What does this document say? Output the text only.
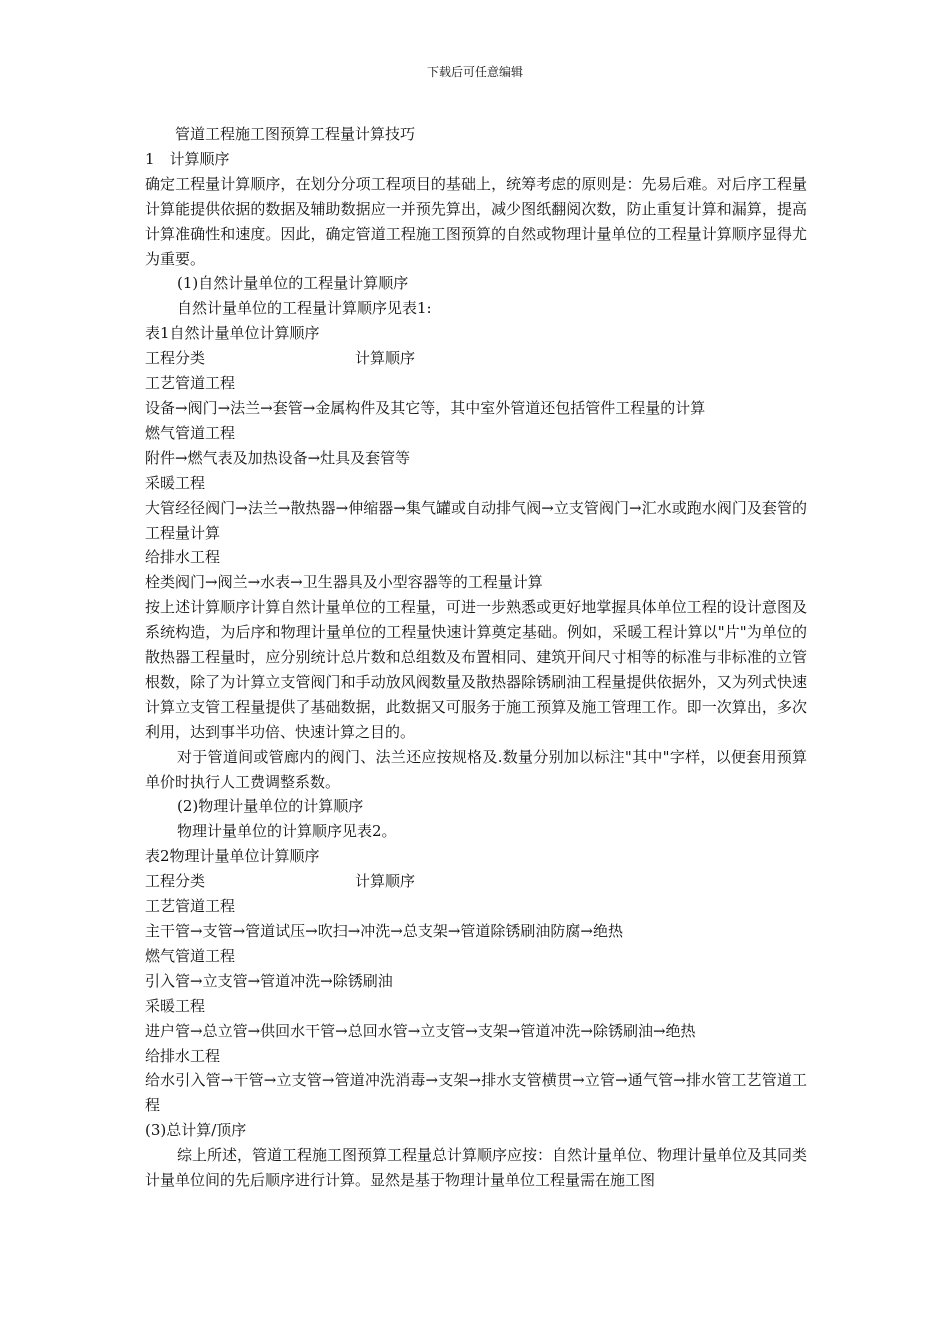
下载后可任意编辑

管道工程施工图预算工程量计算技巧

1　计算顺序

确定工程量计算顺序，在划分分项工程项目的基础上，统筹考虑的原则是：先易后难。对后序工程量计算能提供依据的数据及辅助数据应一并预先算出，减少图纸翻阅次数，防止重复计算和漏算，提高计算准确性和速度。因此，确定管道工程施工图预算的自然或物理计量单位的工程量计算顺序显得尤为重要。

(1)自然计量单位的工程量计算顺序

自然计量单位的工程量计算顺序见表1:

表1自然计量单位计算顺序

工程分类	计算顺序

工艺管道工程

设备→阀门→法兰→套管→金属构件及其它等，其中室外管道还包括管件工程量的计算

燃气管道工程

附件→燃气表及加热设备→灶具及套管等

采暖工程

大管经径阀门→法兰→散热器→伸缩器→集气罐或自动排气阀→立支管阀门→汇水或跑水阀门及套管的工程量计算

给排水工程

栓类阀门→阀兰→水表→卫生器具及小型容器等的工程量计算

按上述计算顺序计算自然计量单位的工程量，可进一步熟悉或更好地掌握具体单位工程的设计意图及系统构造，为后序和物理计量单位的工程量快速计算奠定基础。例如，采暖工程计算以"片"为单位的散热器工程量时，应分别统计总片数和总组数及布置相同、建筑开间尺寸相等的标准与非标准的立管根数，除了为计算立支管阀门和手动放风阀数量及散热器除锈刷油工程量提供依据外，又为列式快速计算立支管工程量提供了基础数据，此数据又可服务于施工预算及施工管理工作。即一次算出，多次利用，达到事半功倍、快速计算之目的。

对于管道间或管廊内的阀门、法兰还应按规格及.数量分别加以标注"其中"字样，以便套用预算单价时执行人工费调整系数。

(2)物理计量单位的计算顺序

物理计量单位的计算顺序见表2。

表2物理计量单位计算顺序

工程分类	计算顺序

工艺管道工程

主干管→支管→管道试压→吹扫→冲洗→总支架→管道除锈刷油防腐→绝热

燃气管道工程

引入管→立支管→管道冲洗→除锈刷油

采暖工程

进户管→总立管→供回水干管→总回水管→立支管→支架→管道冲洗→除锈刷油→绝热

给排水工程

给水引入管→干管→立支管→管道冲洗消毒→支架→排水支管横贯→立管→通气管→排水管工艺管道工程

(3)总计算/顶序

综上所述，管道工程施工图预算工程量总计算顺序应按：自然计量单位、物理计量单位及其同类计量单位间的先后顺序进行计算。显然是基于物理计量单位工程量需在施工图
